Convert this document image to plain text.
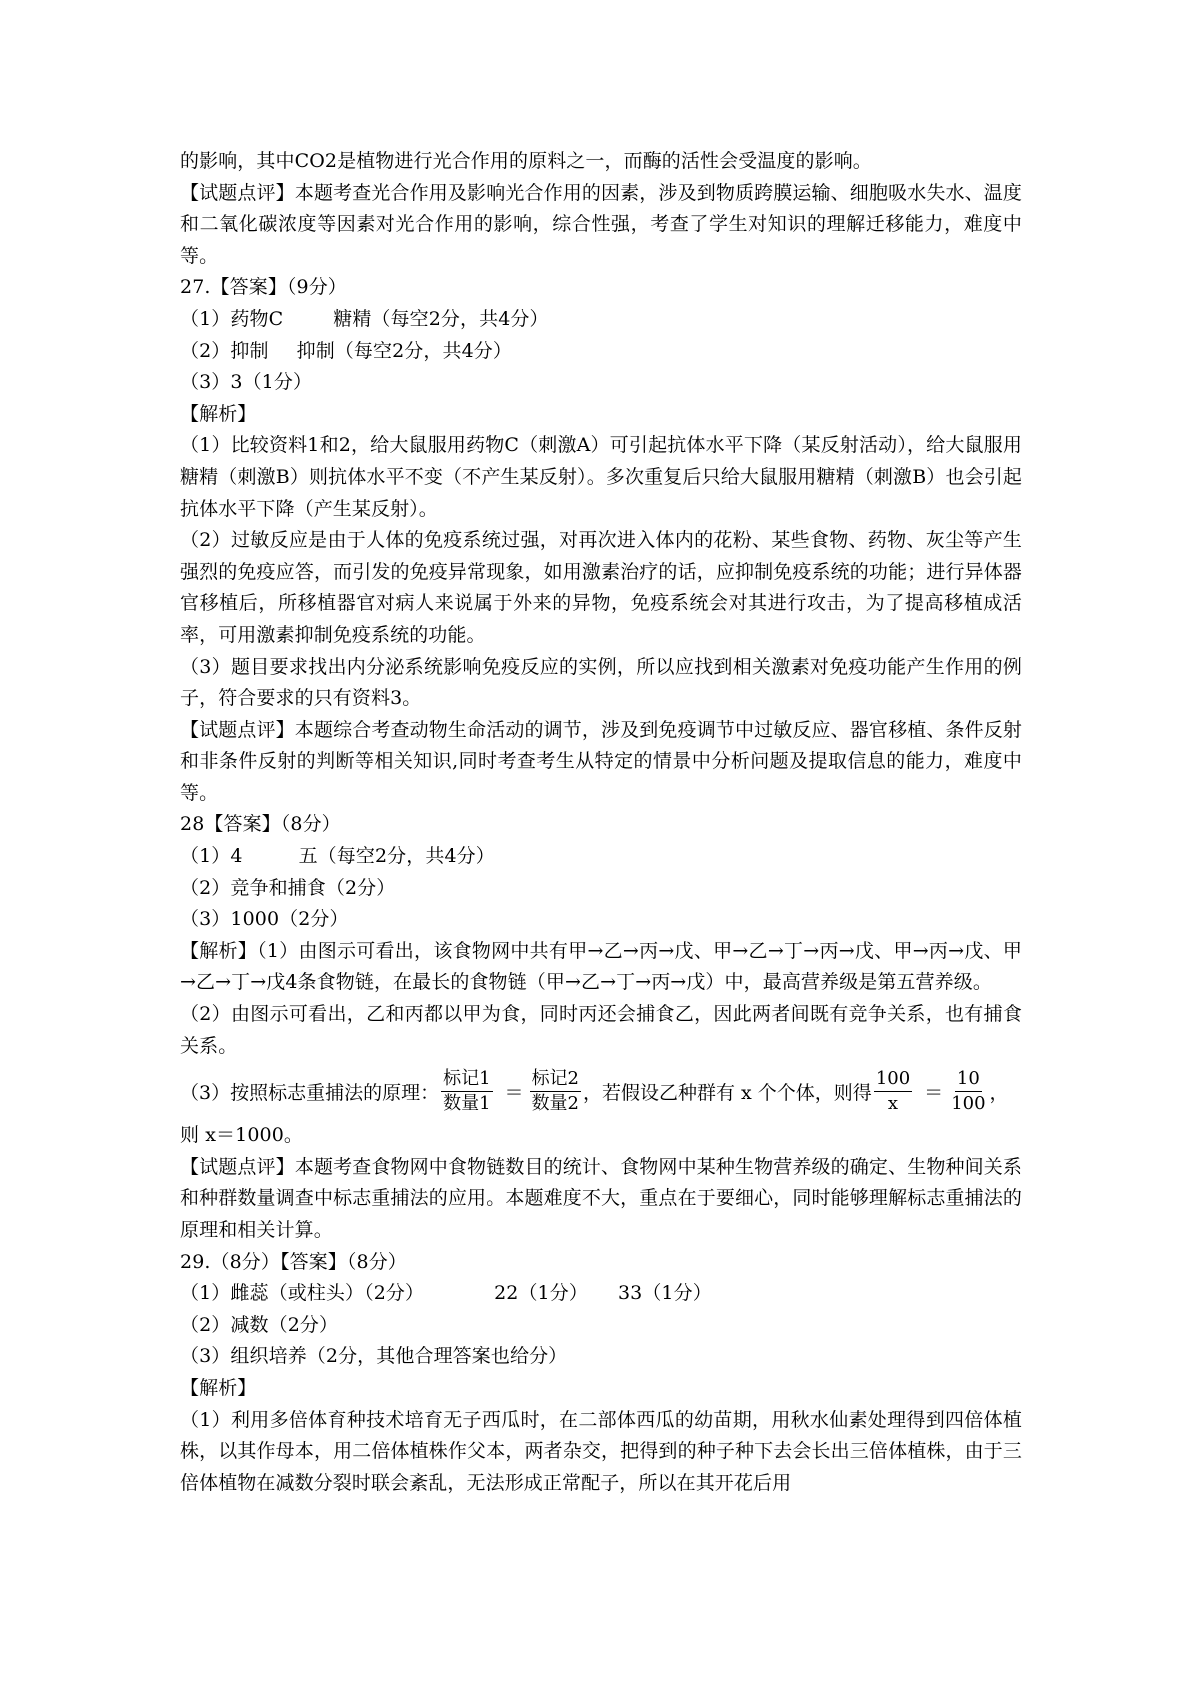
的影响，其中CO2是植物进行光合作用的原料之一，而酶的活性会受温度的影响。
【试题点评】本题考查光合作用及影响光合作用的因素，涉及到物质跨膜运输、细胞吸水失水、温度和二氧化碳浓度等因素对光合作用的影响，综合性强，考查了学生对知识的理解迁移能力，难度中等。
27.【答案】（9分）
（1）药物C	糖精（每空2分，共4分）
（2）抑制 抑制（每空2分，共4分）
（3）3（1分）
【解析】
（1）比较资料1和2，给大鼠服用药物C（刺激A）可引起抗体水平下降（某反射活动），给大鼠服用糖精（刺激B）则抗体水平不变（不产生某反射）。多次重复后只给大鼠服用糖精（刺激B）也会引起抗体水平下降（产生某反射）。
（2）过敏反应是由于人体的免疫系统过强，对再次进入体内的花粉、某些食物、药物、灰尘等产生强烈的免疫应答，而引发的免疫异常现象，如用激素治疗的话，应抑制免疫系统的功能；进行异体器官移植后，所移植器官对病人来说属于外来的异物，免疫系统会对其进行攻击，为了提高移植成活率，可用激素抑制免疫系统的功能。
（3）题目要求找出内分泌系统影响免疫反应的实例，所以应找到相关激素对免疫功能产生作用的例子，符合要求的只有资料3。
【试题点评】本题综合考查动物生命活动的调节，涉及到免疫调节中过敏反应、器官移植、条件反射和非条件反射的判断等相关知识,同时考查考生从特定的情景中分析问题及提取信息的能力，难度中等。
28【答案】（8分）
（1）4	五（每空2分，共4分）
（2）竞争和捕食（2分）
（3）1000（2分）
【解析】（1）由图示可看出，该食物网中共有甲→乙→丙→戊、甲→乙→丁→丙→戊、甲→丙→戊、甲→乙→丁→戊4条食物链，在最长的食物链（甲→乙→丁→丙→戊）中，最高营养级是第五营养级。
（2）由图示可看出，乙和丙都以甲为食，同时丙还会捕食乙，因此两者间既有竞争关系，也有捕食关系。
（3）按照标志重捕法的原理： $\frac{\text{标记1}}{\text{数量1}} = \frac{\text{标记2}}{\text{数量2}}$ ，若假设乙种群有 x 个个体，则得 $\frac{100}{x} = \frac{10}{100}$ ，
则 x＝1000。
【试题点评】本题考查食物网中食物链数目的统计、食物网中某种生物营养级的确定、生物种间关系和种群数量调查中标志重捕法的应用。本题难度不大，重点在于要细心，同时能够理解标志重捕法的原理和相关计算。
29.（8分）【答案】（8分）
（1）雌蕊（或柱头）（2分）	22（1分） 33（1分）
（2）减数（2分）
（3）组织培养（2分，其他合理答案也给分）
【解析】
（1）利用多倍体育种技术培育无子西瓜时，在二部体西瓜的幼苗期，用秋水仙素处理得到四倍体植株，以其作母本，用二倍体植株作父本，两者杂交，把得到的种子种下去会长出三倍体植株，由于三倍体植物在减数分裂时联会紊乱，无法形成正常配子，所以在其开花后用
